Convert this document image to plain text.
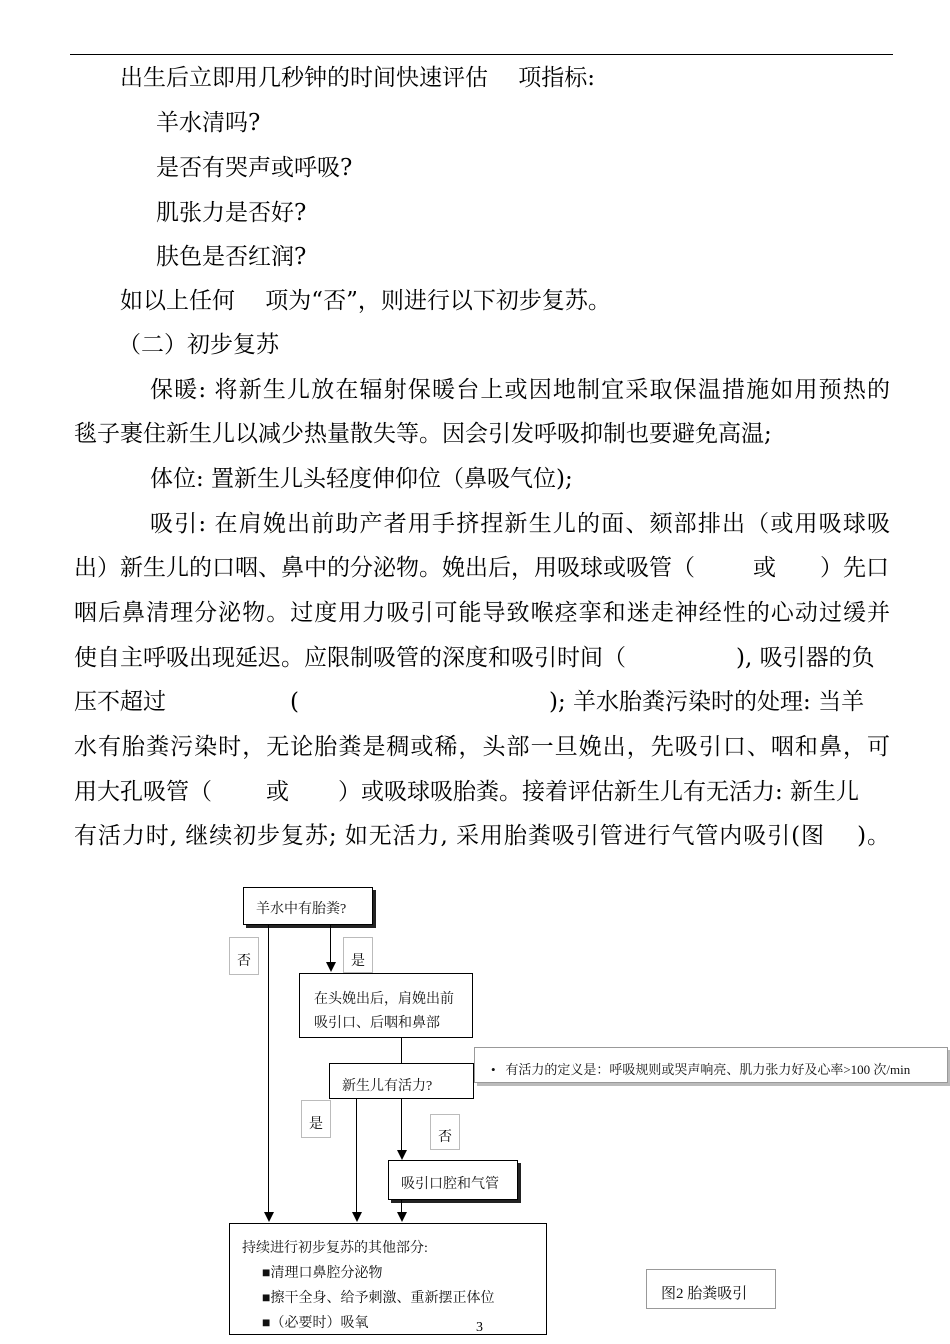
出生后立即用几秒钟的时间快速评估　 项指标:
羊水清吗?
是否有哭声或呼吸?
肌张力是否好?
肤色是否红润?
如以上任何　 项为“否”，则进行以下初步复苏。
（二）初步复苏
保暖: 将新生儿放在辐射保暖台上或因地制宜采取保温措施如用预热的
毯子裹住新生儿以减少热量散失等。因会引发呼吸抑制也要避免高温;
体位: 置新生儿头轻度伸仰位（鼻吸气位);
吸引: 在肩娩出前助产者用手挤捏新生儿的面、颏部排出（或用吸球吸
出）新生儿的口咽、鼻中的分泌物。娩出后，用吸球或吸管（	或 ）先口
咽后鼻清理分泌物。过度用力吸引可能导致喉痉挛和迷走神经性的心动过缓并
使自主呼吸出现延迟。应限制吸管的深度和吸引时间（	), 吸引器的负
压不超过	(	); 羊水胎粪污染时的处理: 当羊
水有胎粪污染时，无论胎粪是稠或稀，头部一旦娩出，先吸引口、咽和鼻，可
用大孔吸管（ 或 ）或吸球吸胎粪。接着评估新生儿有无活力: 新生儿
有活力时, 继续初步复苏; 如无活力, 采用胎粪吸引管进行气管内吸引(图　 )。
羊水中有胎粪?
否	是
在头娩出后，肩娩出前吸引口、后咽和鼻部
新生儿有活力?
•   有活力的定义是：呼吸规则或哭声响亮、肌力张力好及心率>100 次/min
是
否
吸引口腔和气管
持续进行初步复苏的其他部分:
■清理口鼻腔分泌物
■擦干全身、给予刺激、重新摆正体位
■（必要时）吸氧
图2 胎粪吸引
3
